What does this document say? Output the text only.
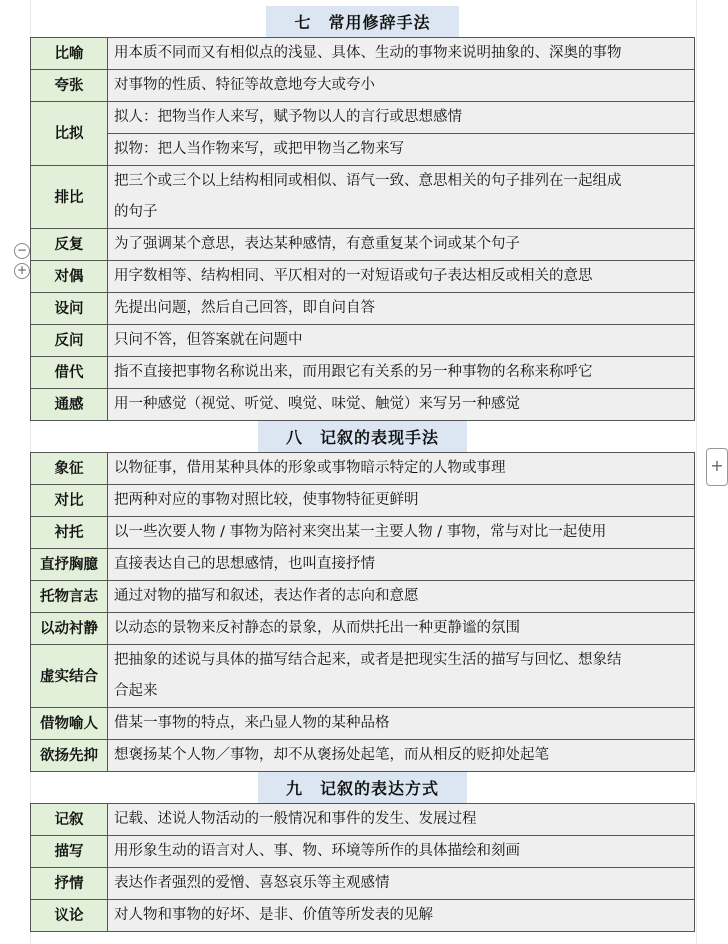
七　常用修辞手法
比喻	用本质不同而又有相似点的浅显、具体、生动的事物来说明抽象的、深奥的事物

夸张	对事物的性质、特征等故意地夸大或夸小

比拟	拟人：把物当作人来写，赋予物以人的言行或思想感情
拟物：把人当作物来写，或把甲物当乙物来写

排比	把三个或三个以上结构相同或相似、语气一致、意思相关的句子排列在一起组成
的句子

反复	为了强调某个意思，表达某种感情，有意重复某个词或某个句子

对偶	用字数相等、结构相同、平仄相对的一对短语或句子表达相反或相关的意思

设问	先提出问题，然后自己回答，即自问自答

反问	只问不答，但答案就在问题中

借代	指不直接把事物名称说出来，而用跟它有关系的另一种事物的名称来称呼它

通感	用一种感觉（视觉、听觉、嗅觉、味觉、触觉）来写另一种感觉
八　记叙的表现手法
象征	以物征事，借用某种具体的形象或事物暗示特定的人物或事理

对比	把两种对应的事物对照比较，使事物特征更鲜明

衬托	以一些次要人物 / 事物为陪衬来突出某一主要人物 / 事物，常与对比一起使用

直抒胸臆	直接表达自己的思想感情，也叫直接抒情

托物言志	通过对物的描写和叙述，表达作者的志向和意愿

以动衬静	以动态的景物来反衬静态的景象，从而烘托出一种更静谧的氛围

虚实结合	把抽象的述说与具体的描写结合起来，或者是把现实生活的描写与回忆、想象结
合起来

借物喻人	借某一事物的特点，来凸显人物的某种品格

欲扬先抑	想褒扬某个人物／事物，却不从褒扬处起笔，而从相反的贬抑处起笔
九　记叙的表达方式
记叙	记载、述说人物活动的一般情况和事件的发生、发展过程

描写	用形象生动的语言对人、事、物、环境等所作的具体描绘和刻画

抒情	表达作者强烈的爱憎、喜怒哀乐等主观感情

议论	对人物和事物的好坏、是非、价值等所发表的见解
−
+
+
